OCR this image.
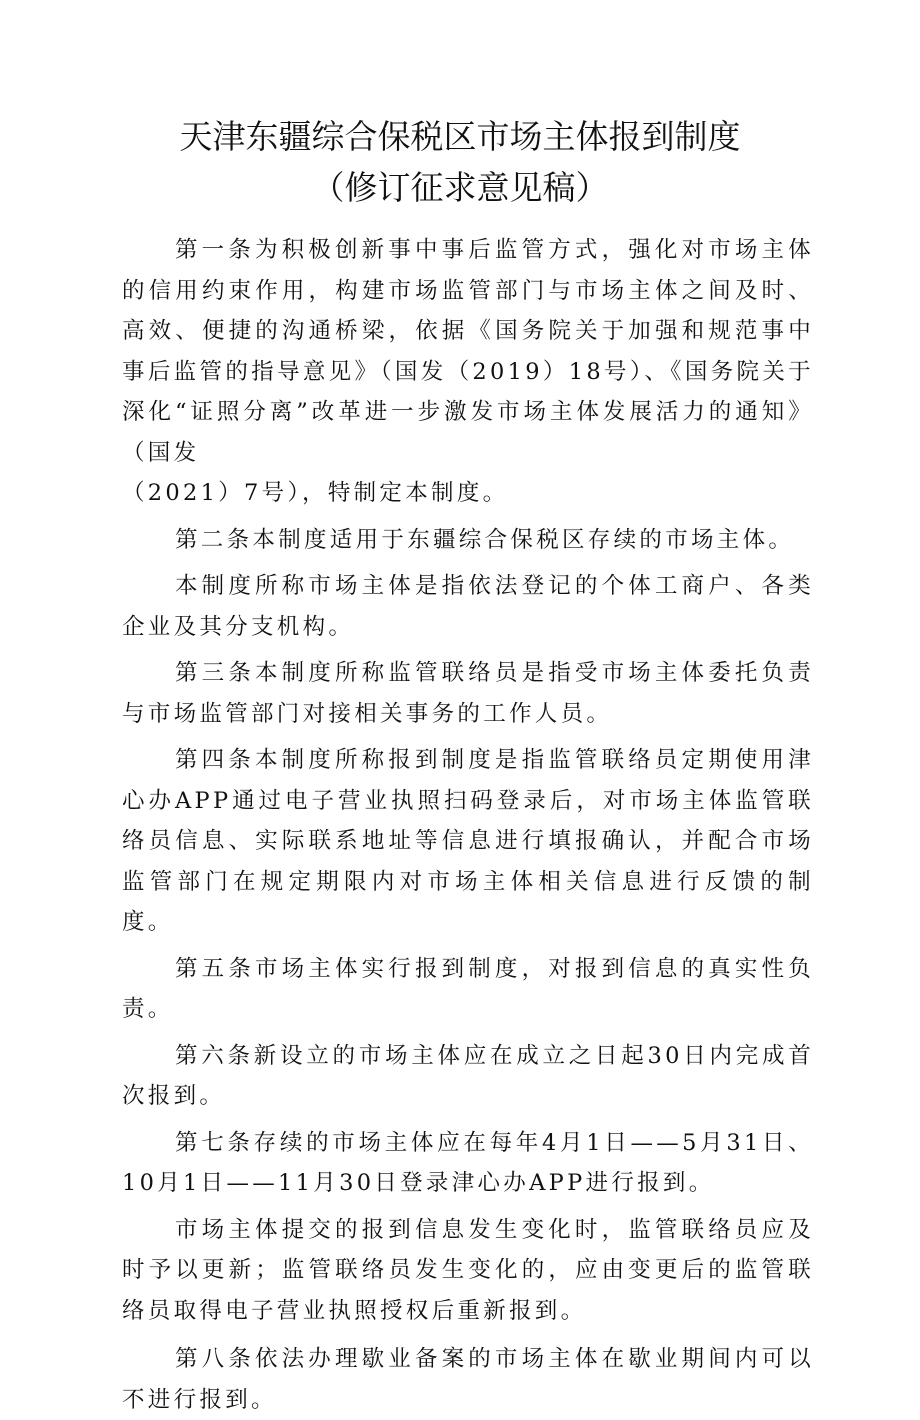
天津东疆综合保税区市场主体报到制度
（修订征求意见稿）

第一条为积极创新事中事后监管方式，强化对市场主体的信用约束作用，构建市场监管部门与市场主体之间及时、高效、便捷的沟通桥梁，依据《国务院关于加强和规范事中事后监管的指导意见》（国发（2019）18号）、《国务院关于深化“证照分离”改革进一步激发市场主体发展活力的通知》（国发

（2021）7号），特制定本制度。

第二条本制度适用于东疆综合保税区存续的市场主体。

本制度所称市场主体是指依法登记的个体工商户、各类企业及其分支机构。

第三条本制度所称监管联络员是指受市场主体委托负责与市场监管部门对接相关事务的工作人员。

第四条本制度所称报到制度是指监管联络员定期使用津心办APP通过电子营业执照扫码登录后，对市场主体监管联络员信息、实际联系地址等信息进行填报确认，并配合市场监管部门在规定期限内对市场主体相关信息进行反馈的制度。

第五条市场主体实行报到制度，对报到信息的真实性负责。

第六条新设立的市场主体应在成立之日起30日内完成首次报到。

第七条存续的市场主体应在每年4月1日——5月31日、10月1日——11月30日登录津心办APP进行报到。

市场主体提交的报到信息发生变化时，监管联络员应及时予以更新；监管联络员发生变化的，应由变更后的监管联络员取得电子营业执照授权后重新报到。

第八条依法办理歇业备案的市场主体在歇业期间内可以不进行报到。
